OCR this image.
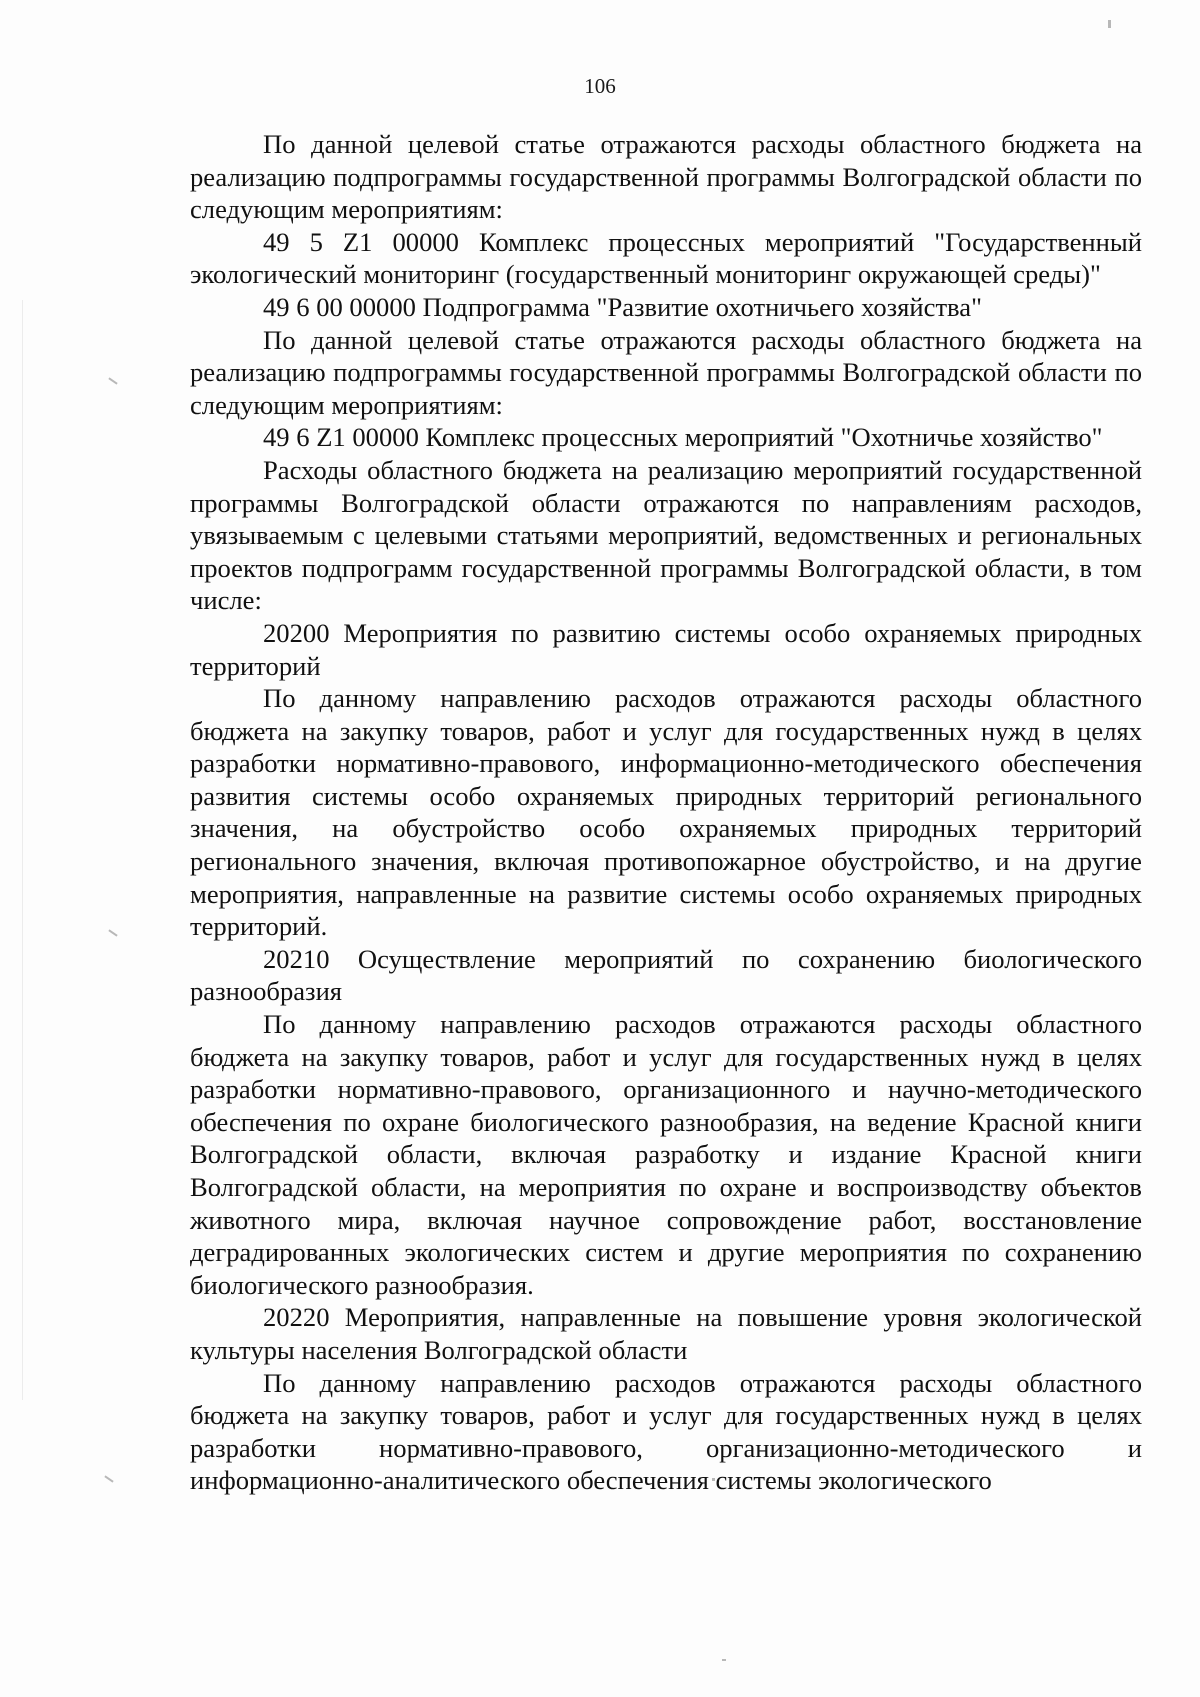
106

По данной целевой статье отражаются расходы областного бюджета на реализацию подпрограммы государственной программы Волгоградской области по следующим мероприятиям:

49 5 Z1 00000 Комплекс процессных мероприятий "Государственный экологический мониторинг (государственный мониторинг окружающей среды)"

49 6 00 00000 Подпрограмма "Развитие охотничьего хозяйства"

По данной целевой статье отражаются расходы областного бюджета на реализацию подпрограммы государственной программы Волгоградской области по следующим мероприятиям:

49 6 Z1 00000 Комплекс процессных мероприятий "Охотничье хозяйство"

Расходы областного бюджета на реализацию мероприятий государственной программы Волгоградской области отражаются по направлениям расходов, увязываемым с целевыми статьями мероприятий, ведомственных и региональных проектов подпрограмм государственной программы Волгоградской области, в том числе:

20200 Мероприятия по развитию системы особо охраняемых природных территорий

По данному направлению расходов отражаются расходы областного бюджета на закупку товаров, работ и услуг для государственных нужд в целях разработки нормативно-правового, информационно-методического обеспечения развития системы особо охраняемых природных территорий регионального значения, на обустройство особо охраняемых природных территорий регионального значения, включая противопожарное обустройство, и на другие мероприятия, направленные на развитие системы особо охраняемых природных территорий.

20210 Осуществление мероприятий по сохранению биологического разнообразия

По данному направлению расходов отражаются расходы областного бюджета на закупку товаров, работ и услуг для государственных нужд в целях разработки нормативно-правового, организационного и научно-методического обеспечения по охране биологического разнообразия, на ведение Красной книги Волгоградской области, включая разработку и издание Красной книги Волгоградской области, на мероприятия по охране и воспроизводству объектов животного мира, включая научное сопровождение работ, восстановление деградированных экологических систем и другие мероприятия по сохранению биологического разнообразия.

20220 Мероприятия, направленные на повышение уровня экологической культуры населения Волгоградской области

По данному направлению расходов отражаются расходы областного бюджета на закупку товаров, работ и услуг для государственных нужд в целях разработки нормативно-правового, организационно-методического и информационно-аналитического обеспечения системы экологического
